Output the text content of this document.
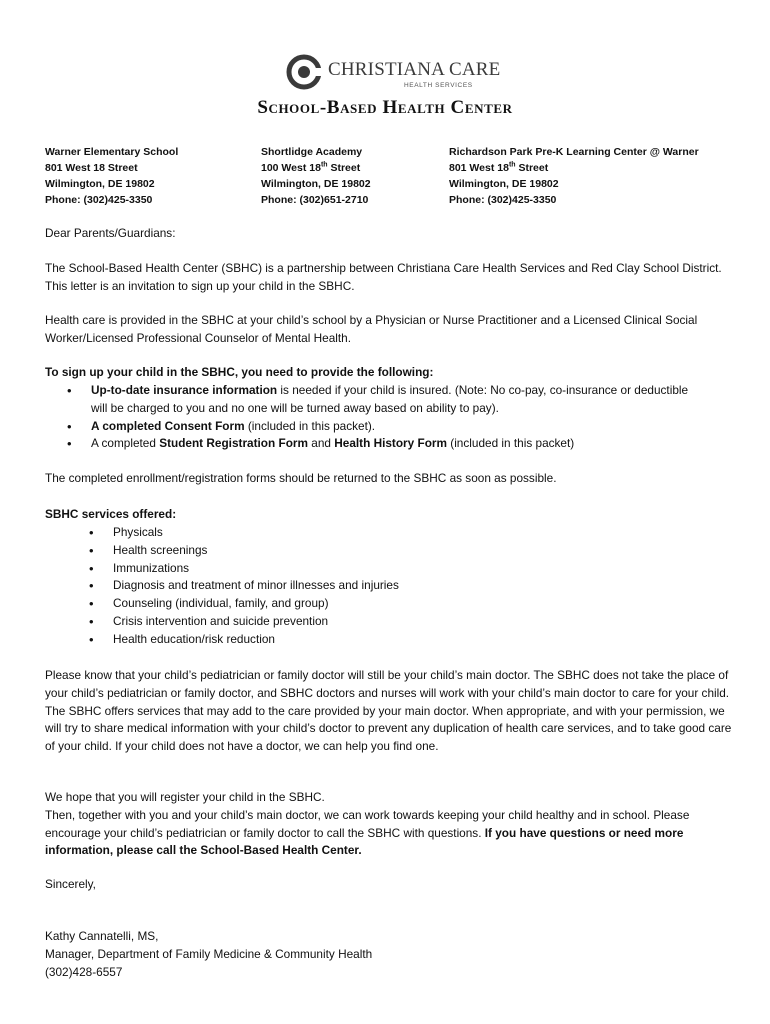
CHRISTIANA CARE
HEALTH SERVICES
School-Based Health Center
Warner Elementary School
801 West 18 Street
Wilmington, DE 19802
Phone: (302)425-3350
Shortlidge Academy
100 West 18th Street
Wilmington, DE 19802
Phone: (302)651-2710
Richardson Park Pre-K Learning Center @ Warner
801 West 18th Street
Wilmington, DE 19802
Phone: (302)425-3350
Dear Parents/Guardians:
The School-Based Health Center (SBHC) is a partnership between Christiana Care Health Services and Red Clay School District. This letter is an invitation to sign up your child in the SBHC.
Health care is provided in the SBHC at your child’s school by a Physician or Nurse Practitioner and a Licensed Clinical Social Worker/Licensed Professional Counselor of Mental Health.
To sign up your child in the SBHC, you need to provide the following:
• Up-to-date insurance information is needed if your child is insured. (Note: No co-pay, co-insurance or deductible will be charged to you and no one will be turned away based on ability to pay).
• A completed Consent Form (included in this packet).
• A completed Student Registration Form and Health History Form (included in this packet)
The completed enrollment/registration forms should be returned to the SBHC as soon as possible.
SBHC services offered:
• Physicals
• Health screenings
• Immunizations
• Diagnosis and treatment of minor illnesses and injuries
• Counseling (individual, family, and group)
• Crisis intervention and suicide prevention
• Health education/risk reduction
Please know that your child’s pediatrician or family doctor will still be your child’s main doctor. The SBHC does not take the place of your child’s pediatrician or family doctor, and SBHC doctors and nurses will work with your child’s main doctor to care for your child. The SBHC offers services that may add to the care provided by your main doctor. When appropriate, and with your permission, we will try to share medical information with your child’s doctor to prevent any duplication of health care services, and to take good care of your child. If your child does not have a doctor, we can help you find one.
We hope that you will register your child in the SBHC.
Then, together with you and your child’s main doctor, we can work towards keeping your child healthy and in school. Please encourage your child’s pediatrician or family doctor to call the SBHC with questions. If you have questions or need more information, please call the School-Based Health Center.
Sincerely,
Kathy Cannatelli, MS,
Manager, Department of Family Medicine & Community Health
(302)428-6557
